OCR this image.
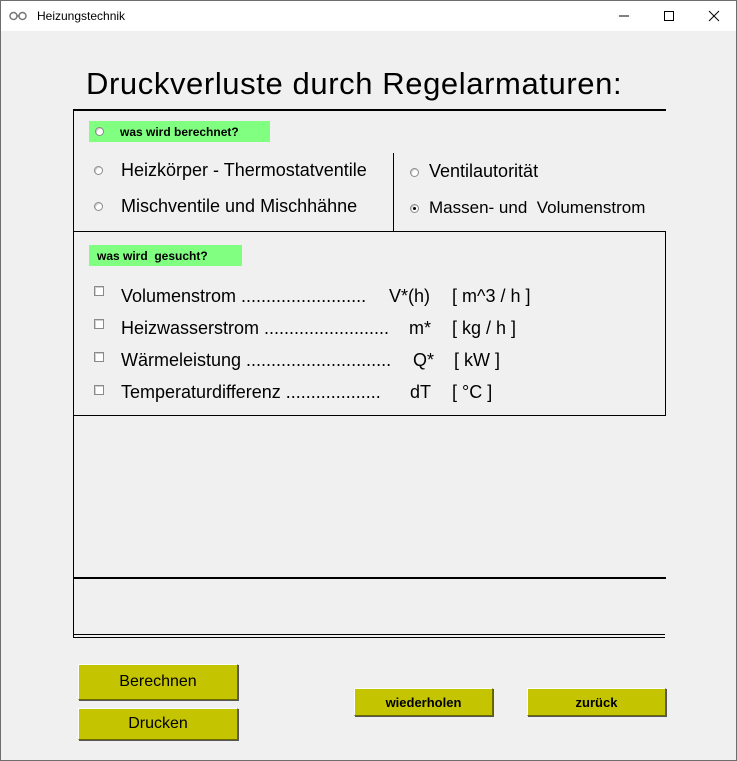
Heizungstechnik
Druckverluste durch Regelarmaturen:
was wird berechnet?
Heizkörper - Thermostatventile
Mischventile und Mischhähne
Ventilautorität
Massen- und  Volumenstrom
was wird  gesucht?
Volumenstrom ......................... V*(h) [ m^3 / h ]
Heizwasserstrom ......................... m* [ kg / h ]
Wärmeleistung ............................. Q* [ kW ]
Temperaturdifferenz ................... dT [ °C ]
Berechnen
Drucken
wiederholen	zurück
